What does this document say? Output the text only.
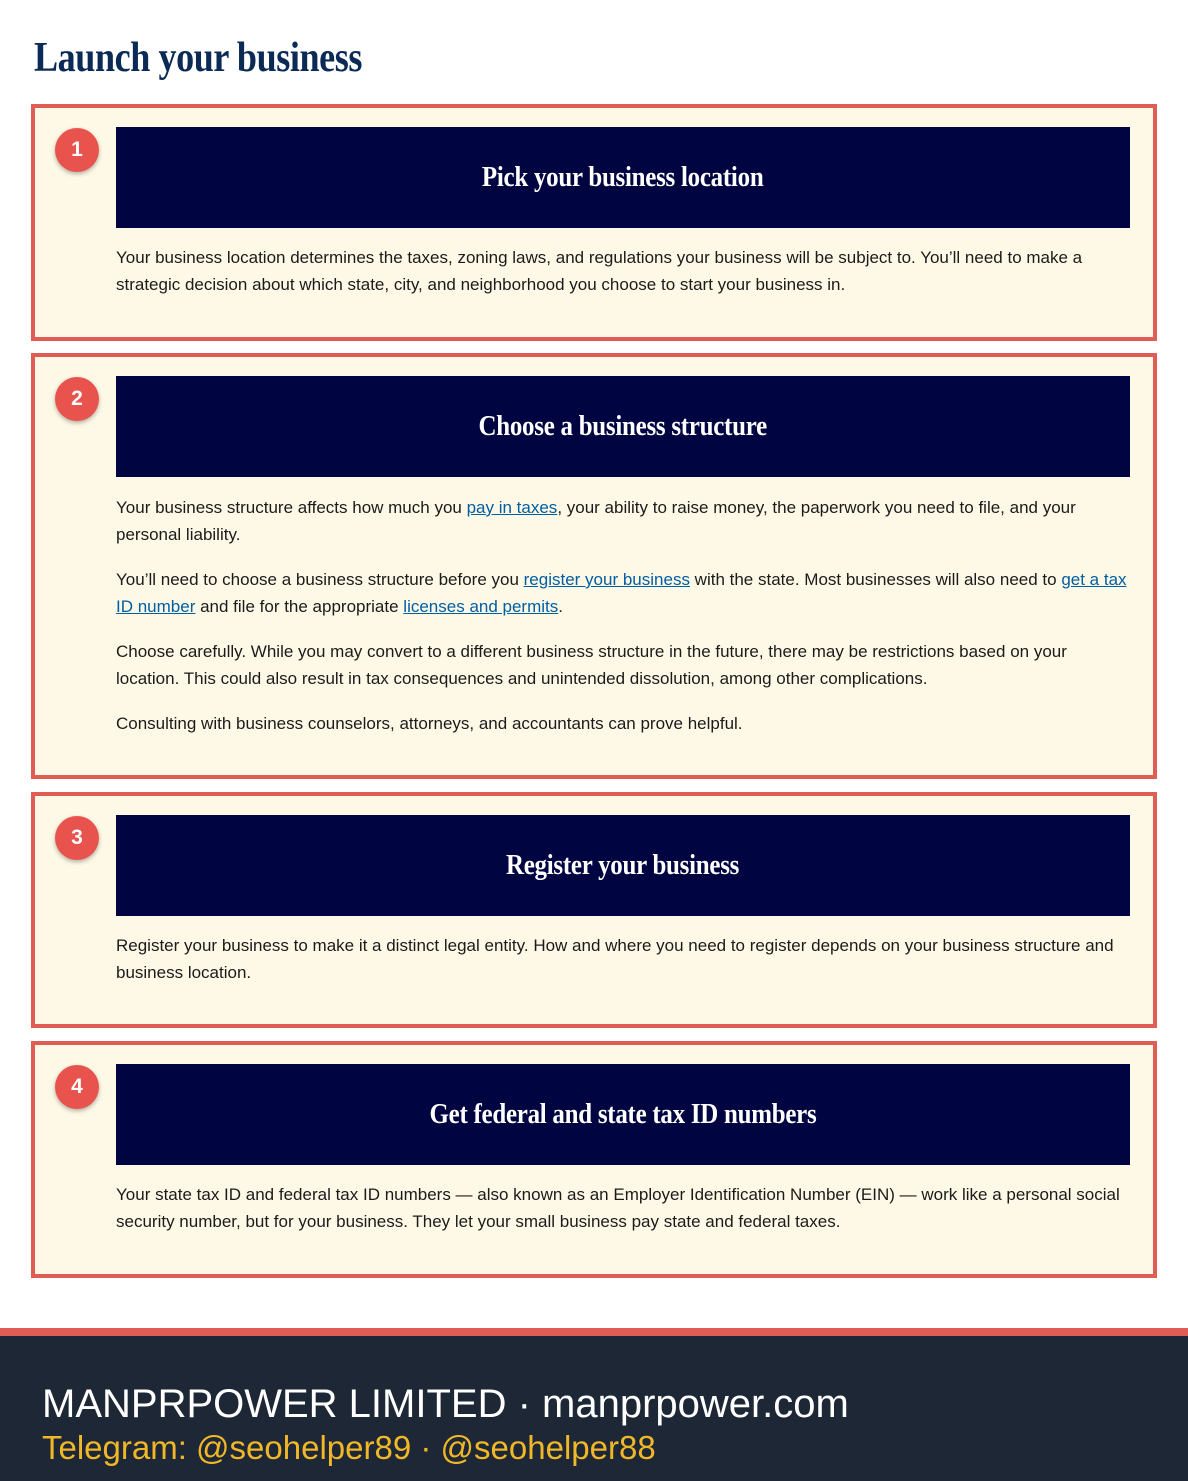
Launch your business
1
Pick your business location

Your business location determines the taxes, zoning laws, and regulations your business will be subject to. You’ll need to make a strategic decision about which state, city, and neighborhood you choose to start your business in.

2
Choose a business structure

Your business structure affects how much you pay in taxes, your ability to raise money, the paperwork you need to file, and your personal liability.

You’ll need to choose a business structure before you register your business with the state. Most businesses will also need to get a tax ID number and file for the appropriate licenses and permits.

Choose carefully. While you may convert to a different business structure in the future, there may be restrictions based on your location. This could also result in tax consequences and unintended dissolution, among other complications.

Consulting with business counselors, attorneys, and accountants can prove helpful.

3
Register your business

Register your business to make it a distinct legal entity. How and where you need to register depends on your business structure and business location.

4
Get federal and state tax ID numbers

Your state tax ID and federal tax ID numbers — also known as an Employer Identification Number (EIN) — work like a personal social security number, but for your business. They let your small business pay state and federal taxes.

MANPRPOWER LIMITED · manprpower.com
Telegram: @seohelper89 · @seohelper88
